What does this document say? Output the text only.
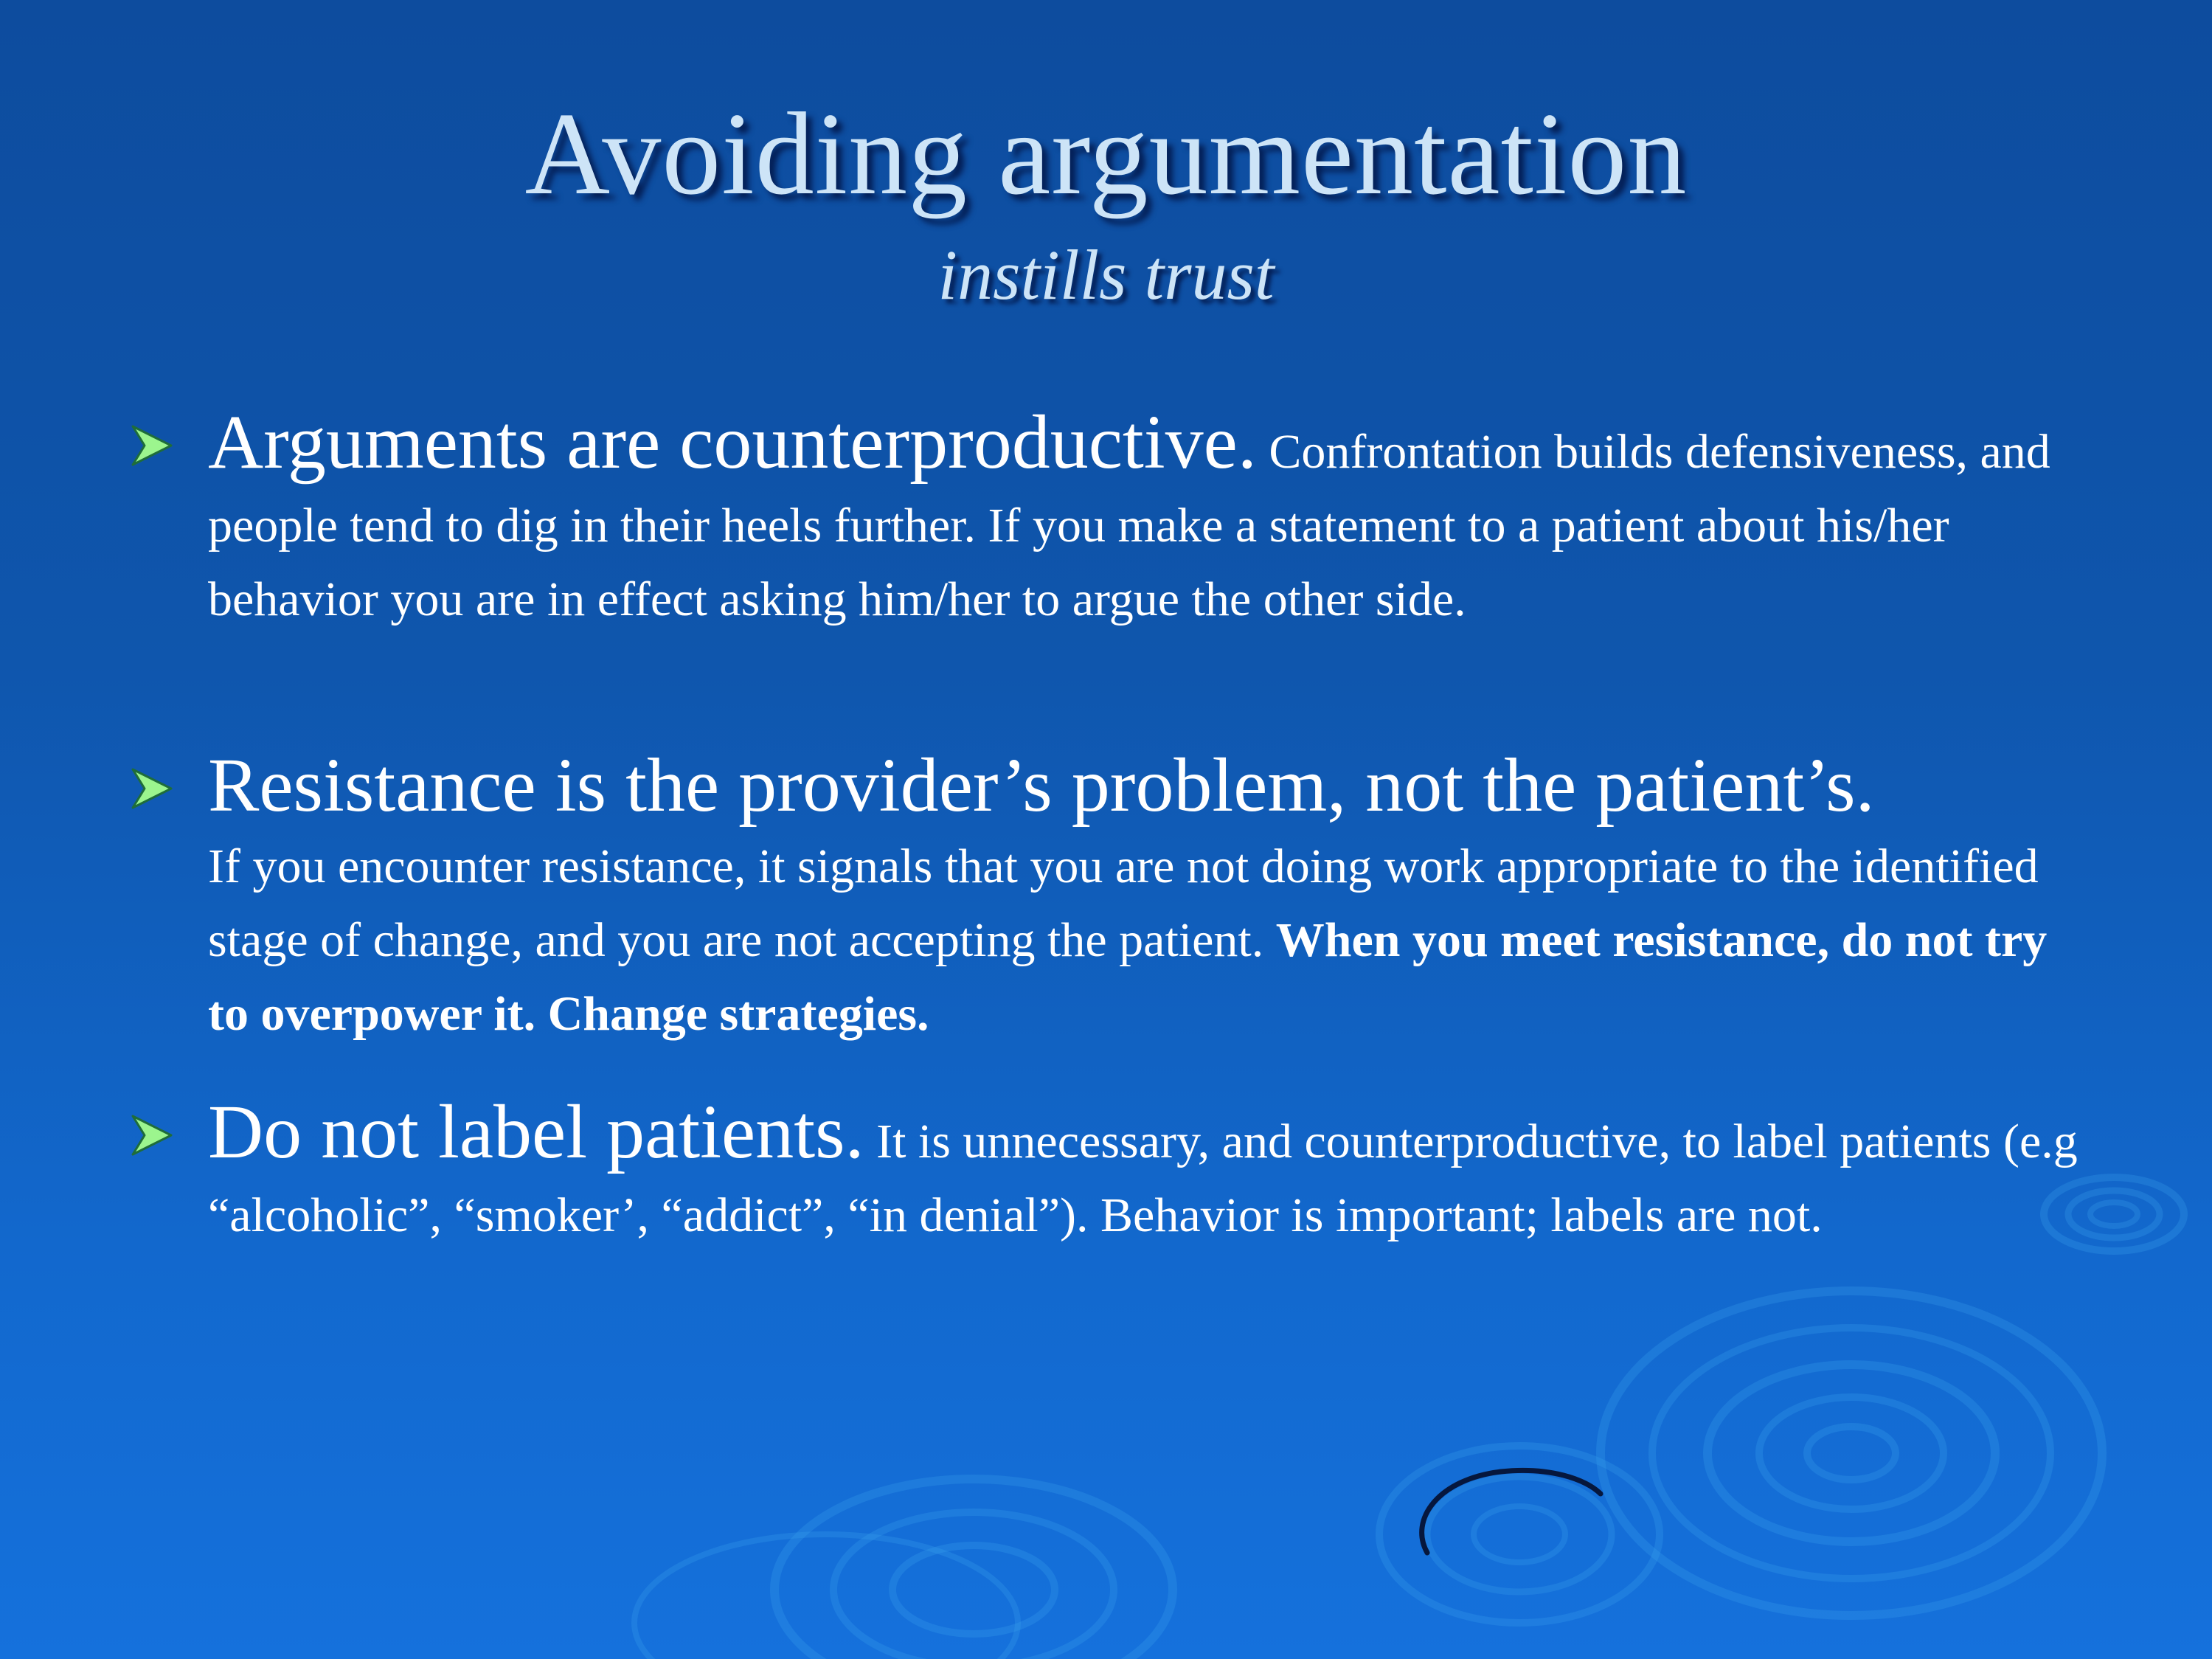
Avoiding argumentation
instills trust

Arguments are counterproductive. Confrontation builds defensiveness, and people tend to dig in their heels further. If you make a statement to a patient about his/her behavior you are in effect asking him/her to argue the other side.

Resistance is the provider’s problem, not the patient’s.
If you encounter resistance, it signals that you are not doing work appropriate to the identified stage of change, and you are not accepting the patient. When you meet resistance, do not try to overpower it. Change strategies.

Do not label patients. It is unnecessary, and counterproductive, to label patients (e.g “alcoholic”, “smoker’, “addict”, “in denial”). Behavior is important; labels are not.
